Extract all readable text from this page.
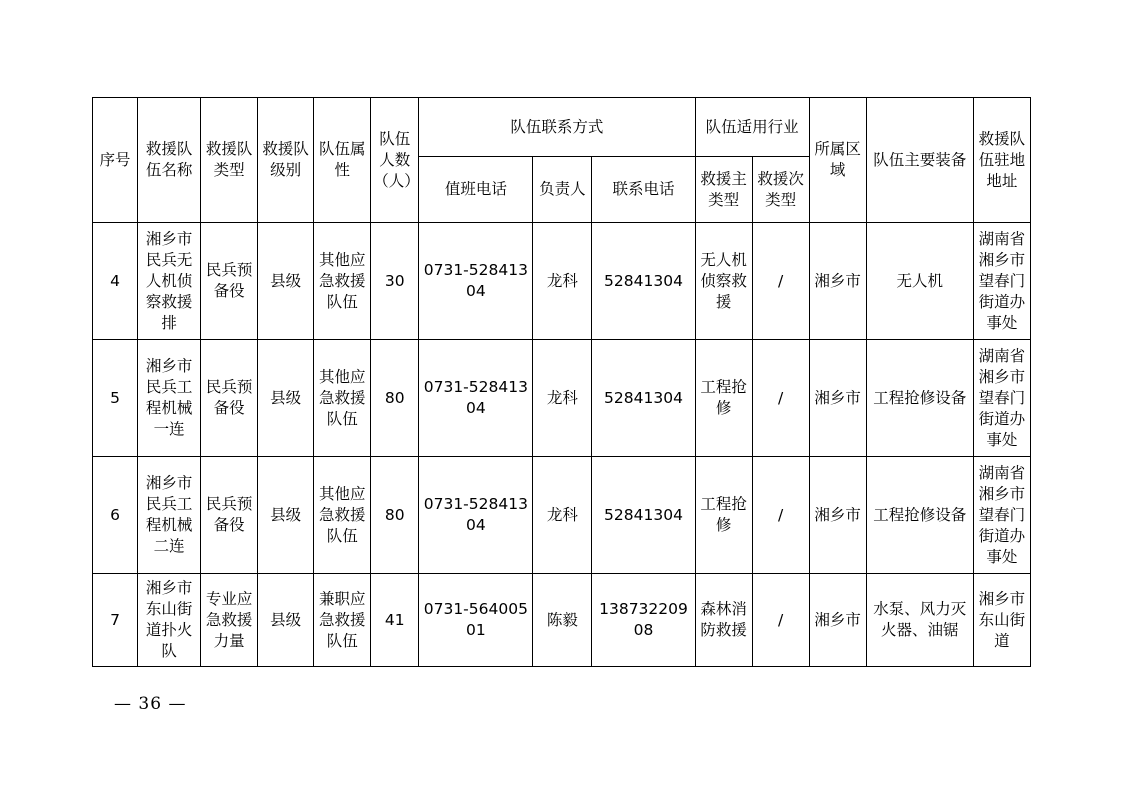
序号	救援队伍名称	救援队类型	救援队级别	队伍属性	队伍人数（人）	队伍联系方式			队伍适用行业		所属区域	队伍主要装备	救援队伍驻地地址
						值班电话	负责人	联系电话	救援主类型	救援次类型			
4	湘乡市民兵无人机侦察救援排	民兵预备役	县级	其他应急救援队伍	30	0731-52841304	龙科	52841304	无人机侦察救援	/	湘乡市	无人机	湖南省湘乡市望春门街道办事处
5	湘乡市民兵工程机械一连	民兵预备役	县级	其他应急救援队伍	80	0731-52841304	龙科	52841304	工程抢修	/	湘乡市	工程抢修设备	湖南省湘乡市望春门街道办事处
6	湘乡市民兵工程机械二连	民兵预备役	县级	其他应急救援队伍	80	0731-52841304	龙科	52841304	工程抢修	/	湘乡市	工程抢修设备	湖南省湘乡市望春门街道办事处
7	湘乡市东山街道扑火队	专业应急救援力量	县级	兼职应急救援队伍	41	0731-56400501	陈毅	13873220908	森林消防救援	/	湘乡市	水泵、风力灭火器、油锯	湘乡市东山街道
— 36 —
